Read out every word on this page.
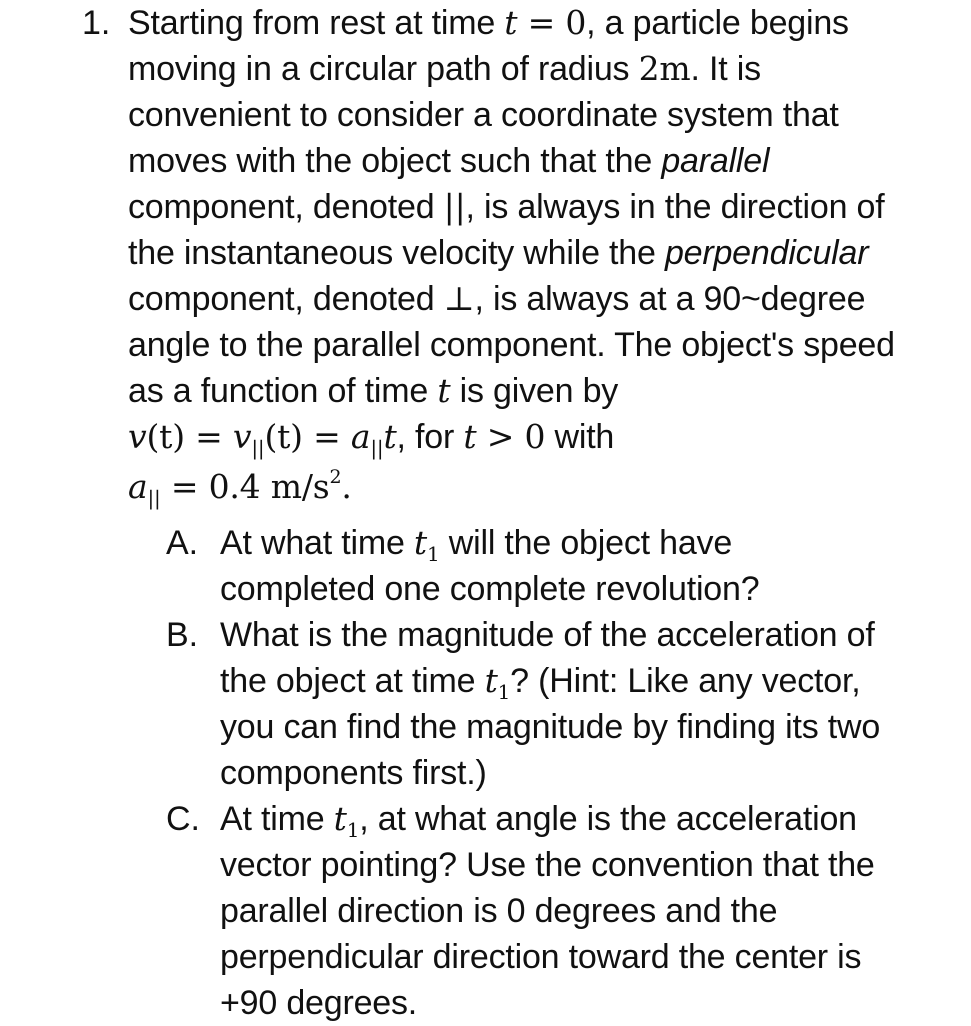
1. Starting from rest at time t = 0, a particle begins
moving in a circular path of radius 2m. It is
convenient to consider a coordinate system that
moves with the object such that the parallel
component, denoted ||, is always in the direction of
the instantaneous velocity while the perpendicular
component, denoted ⊥, is always at a 90~degree
angle to the parallel component. The object's speed
as a function of time t is given by
$v(t) = v_{||}(t) = a_{||}t$, for t > 0 with
$a_{||} = 0.4$ $m/s^2$.
A. At what time $t_1$ will the object have
completed one complete revolution?
B. What is the magnitude of the acceleration of
the object at time $t_1$? (Hint: Like any vector,
you can find the magnitude by finding its two
components first.)
C. At time $t_1$, at what angle is the acceleration
vector pointing? Use the convention that the
parallel direction is 0 degrees and the
perpendicular direction toward the center is
+90 degrees.
